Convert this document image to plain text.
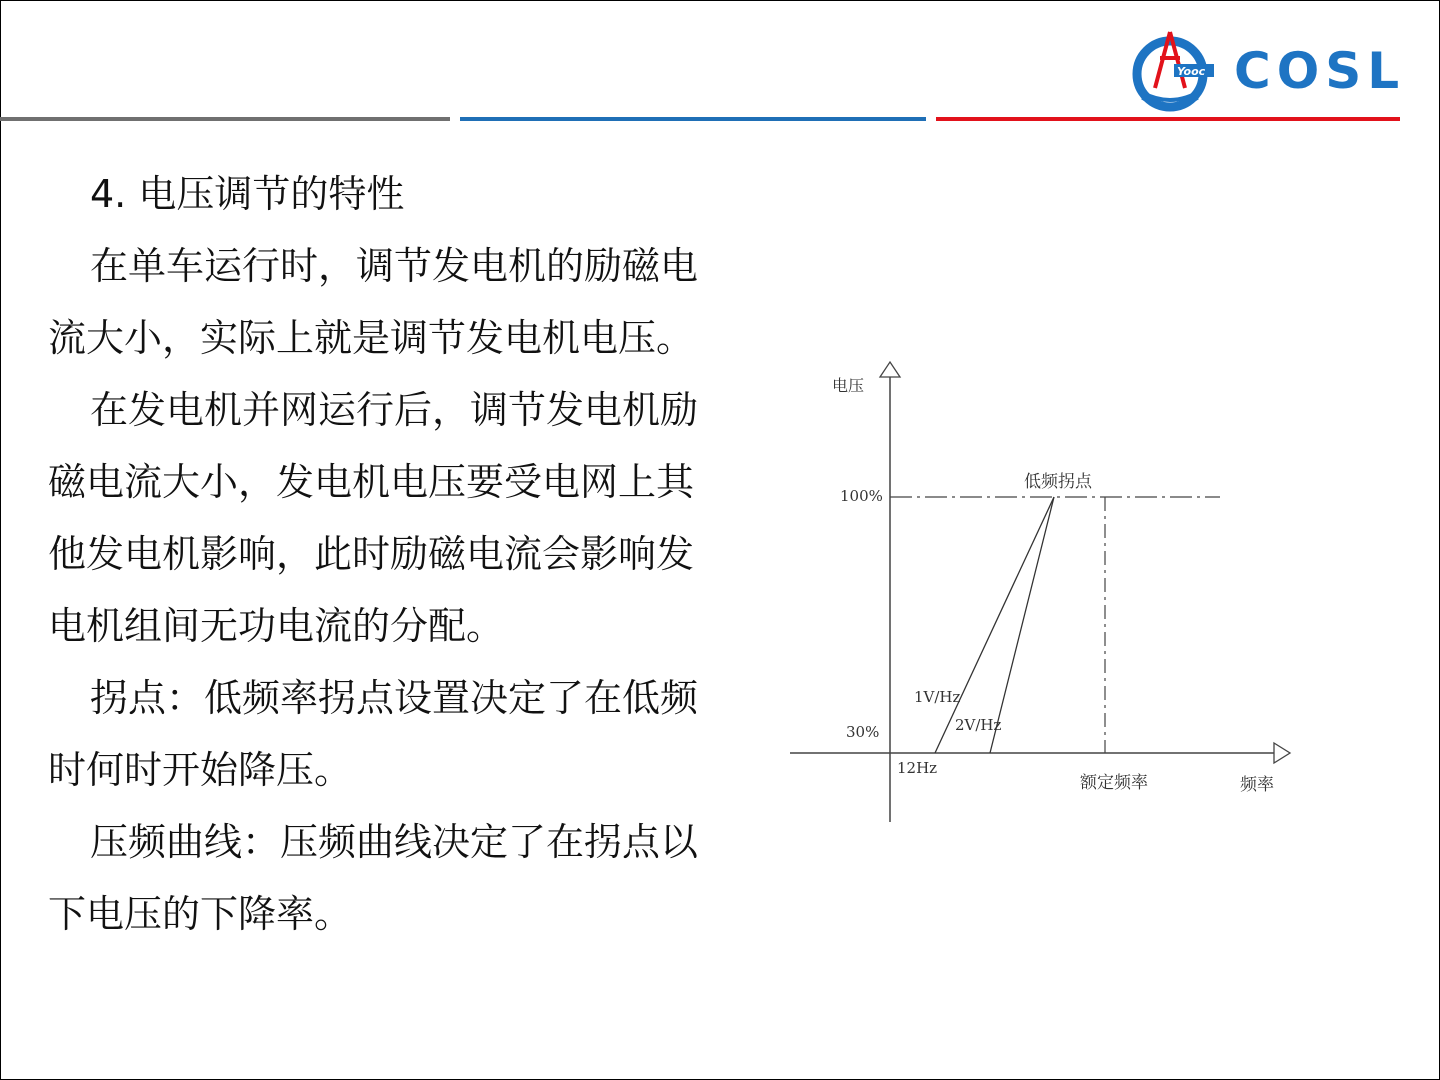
Yooc COSL

4. 电压调节的特性

在单车运行时，调节发电机的励磁电流大小，实际上就是调节发电机电压。

在发电机并网运行后，调节发电机励磁电流大小，发电机电压要受电网上其他发电机影响，此时励磁电流会影响发电机组间无功电流的分配。

拐点：低频率拐点设置决定了在低频时何时开始降压。

压频曲线：压频曲线决定了在拐点以下电压的下降率。

电压
频率
100%
30%
12Hz
额定频率
低频拐点
1V/Hz
2V/Hz
